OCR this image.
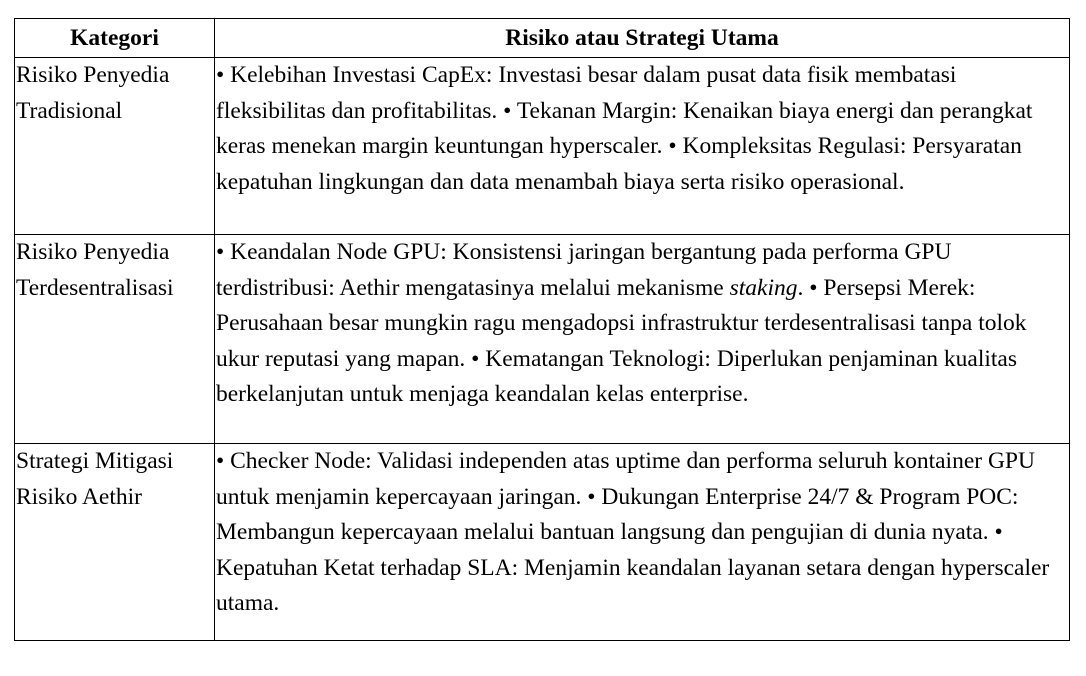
Kategori	Risiko atau Strategi Utama
Risiko Penyedia Tradisional	• Kelebihan Investasi CapEx: Investasi besar dalam pusat data fisik membatasi fleksibilitas dan profitabilitas. • Tekanan Margin: Kenaikan biaya energi dan perangkat keras menekan margin keuntungan hyperscaler. • Kompleksitas Regulasi: Persyaratan kepatuhan lingkungan dan data menambah biaya serta risiko operasional.
Risiko Penyedia Terdesentralisasi	• Keandalan Node GPU: Konsistensi jaringan bergantung pada performa GPU terdistribusi: Aethir mengatasinya melalui mekanisme staking. • Persepsi Merek: Perusahaan besar mungkin ragu mengadopsi infrastruktur terdesentralisasi tanpa tolok ukur reputasi yang mapan. • Kematangan Teknologi: Diperlukan penjaminan kualitas berkelanjutan untuk menjaga keandalan kelas enterprise.
Strategi Mitigasi Risiko Aethir	• Checker Node: Validasi independen atas uptime dan performa seluruh kontainer GPU untuk menjamin kepercayaan jaringan. • Dukungan Enterprise 24/7 & Program POC: Membangun kepercayaan melalui bantuan langsung dan pengujian di dunia nyata. • Kepatuhan Ketat terhadap SLA: Menjamin keandalan layanan setara dengan hyperscaler utama.
